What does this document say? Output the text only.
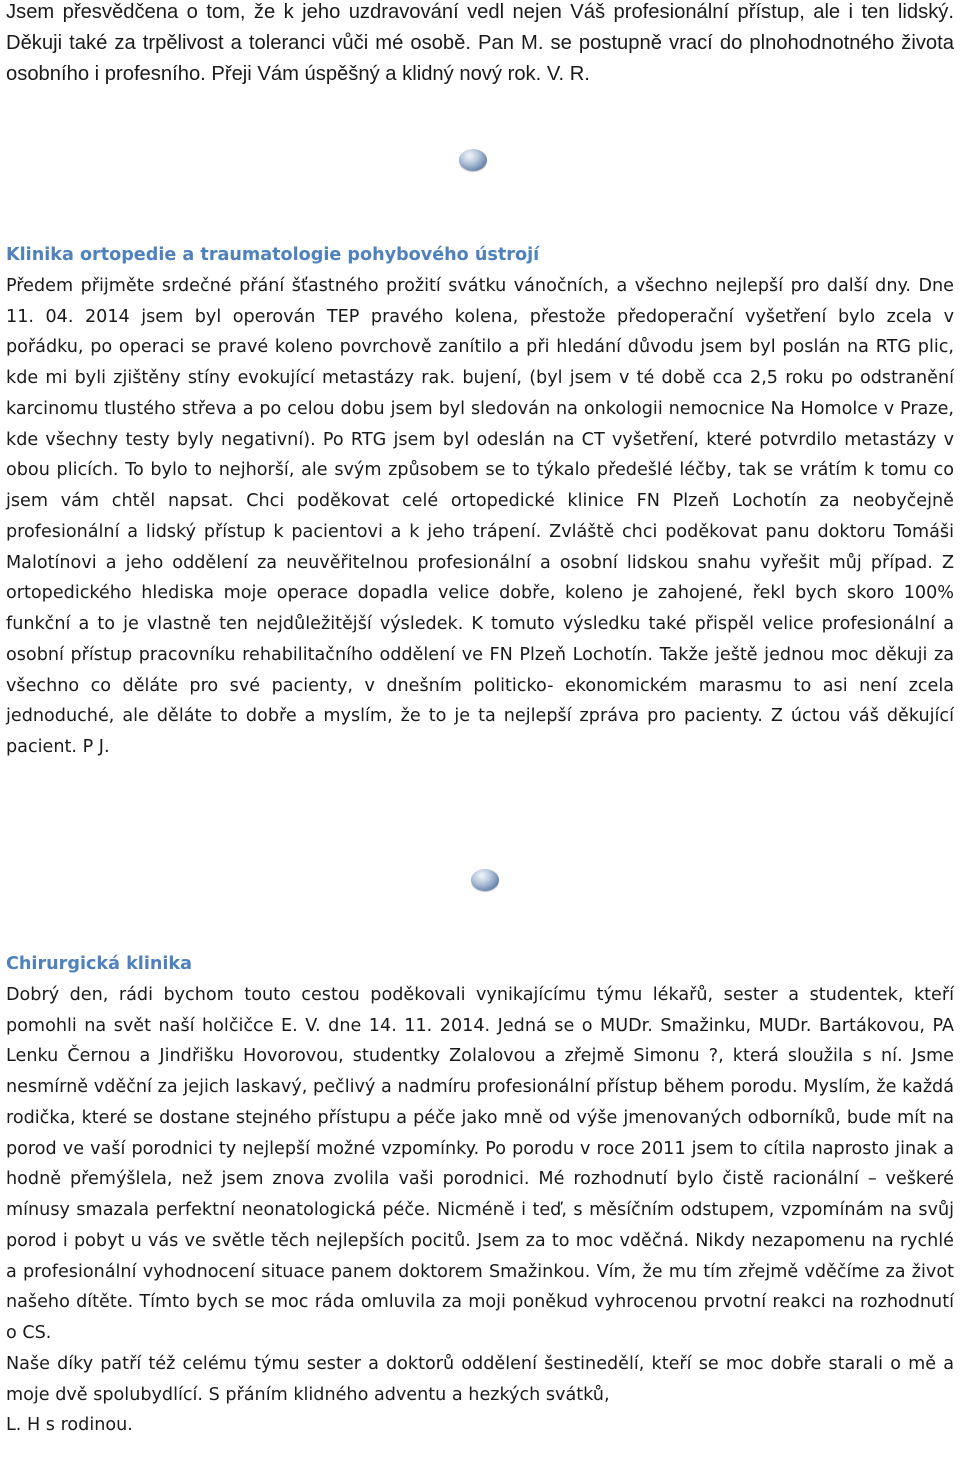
Jsem přesvědčena o tom, že k jeho uzdravování vedl nejen Váš profesionální přístup, ale i ten lidský. Děkuji také za trpělivost a toleranci vůči mé osobě. Pan M. se postupně vrací do plnohodnotného života osobního i profesního. Přeji Vám úspěšný a klidný nový rok. V. R.
Klinika ortopedie a traumatologie pohybového ústrojí
Předem přijměte srdečné přání šťastného prožití svátku vánočních, a všechno nejlepší pro další dny. Dne 11. 04. 2014 jsem byl operován TEP pravého kolena, přestože předoperační vyšetření bylo zcela v pořádku, po operaci se pravé koleno povrchově zanítilo a při hledání důvodu jsem byl poslán na RTG plic, kde mi byli zjištěny stíny evokující metastázy rak. bujení, (byl jsem v té době cca 2,5 roku po odstranění karcinomu tlustého střeva a po celou dobu jsem byl sledován na onkologii nemocnice Na Homolce v Praze, kde všechny testy byly negativní). Po RTG jsem byl odeslán na CT vyšetření, které potvrdilo metastázy v obou plicích. To bylo to nejhorší, ale svým způsobem se to týkalo předešlé léčby, tak se vrátím k tomu co jsem vám chtěl napsat. Chci poděkovat celé ortopedické klinice FN Plzeň Lochotín za neobyčejně profesionální a lidský přístup k pacientovi a k jeho trápení. Zvláště chci poděkovat panu doktoru Tomáši Malotínovi a jeho oddělení za neuvěřitelnou profesionální a osobní lidskou snahu vyřešit můj případ. Z ortopedického hlediska moje operace dopadla velice dobře, koleno je zahojené, řekl bych skoro 100% funkční a to je vlastně ten nejdůležitější výsledek. K tomuto výsledku také přispěl velice profesionální a osobní přístup pracovníku rehabilitačního oddělení ve FN Plzeň Lochotín. Takže ještě jednou moc děkuji za všechno co děláte pro své pacienty, v dnešním politicko- ekonomickém marasmu to asi není zcela jednoduché, ale děláte to dobře a myslím, že to je ta nejlepší zpráva pro pacienty. Z úctou váš děkující pacient. P J.
Chirurgická klinika
Dobrý den, rádi bychom touto cestou poděkovali vynikajícímu týmu lékařů, sester a studentek, kteří pomohli na svět naší holčičce E. V. dne 14. 11. 2014. Jedná se o MUDr. Smažinku, MUDr. Bartákovou, PA Lenku Černou a Jindřišku Hovorovou, studentky Zolalovou a zřejmě Simonu ?, která sloužila s ní. Jsme nesmírně vděční za jejich laskavý, pečlivý a nadmíru profesionální přístup během porodu. Myslím, že každá rodička, které se dostane stejného přístupu a péče jako mně od výše jmenovaných odborníků, bude mít na porod ve vaší porodnici ty nejlepší možné vzpomínky. Po porodu v roce 2011 jsem to cítila naprosto jinak a hodně přemýšlela, než jsem znova zvolila vaši porodnici. Mé rozhodnutí bylo čistě racionální – veškeré mínusy smazala perfektní neonatologická péče. Nicméně i teď, s měsíčním odstupem, vzpomínám na svůj porod i pobyt u vás ve světle těch nejlepších pocitů. Jsem za to moc vděčná. Nikdy nezapomenu na rychlé a profesionální vyhodnocení situace panem doktorem Smažinkou. Vím, že mu tím zřejmě vděčíme za život našeho dítěte. Tímto bych se moc ráda omluvila za moji poněkud vyhrocenou prvotní reakci na rozhodnutí o CS.
Naše díky patří též celému týmu sester a doktorů oddělení šestinedělí, kteří se moc dobře starali o mě a moje dvě spolubydlící. S přáním klidného adventu a hezkých svátků,
L. H s rodinou.
